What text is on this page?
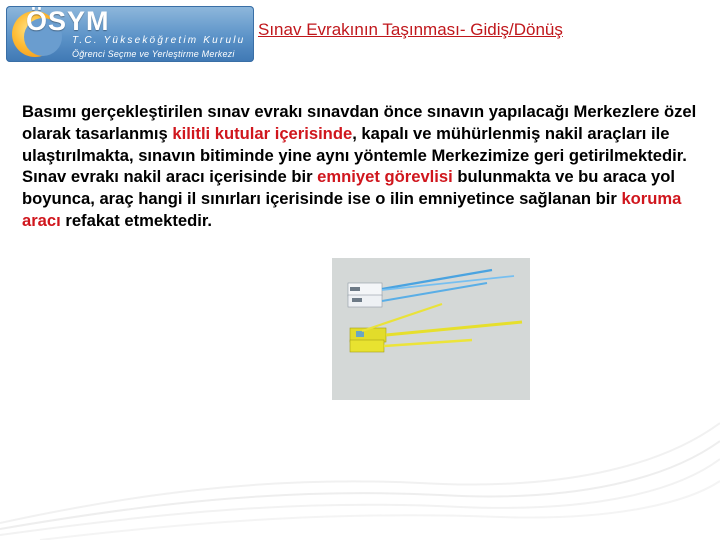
ÖSYM
T.C. Yükseköğretim Kurulu
Öğrenci Seçme ve Yerleştirme Merkezi
Sınav Evrakının Taşınması- Gidiş/Dönüş
Basımı gerçekleştirilen sınav evrakı sınavdan önce sınavın yapılacağı Merkezlere özel olarak tasarlanmış kilitli kutular içerisinde, kapalı ve mühürlenmiş nakil araçları ile ulaştırılmakta, sınavın bitiminde yine aynı yöntemle Merkezimize geri getirilmektedir. Sınav evrakı nakil aracı içerisinde bir emniyet görevlisi bulunmakta ve bu araca yol boyunca, araç hangi il sınırları içerisinde ise o ilin emniyetince sağlanan bir koruma aracı refakat etmektedir.
